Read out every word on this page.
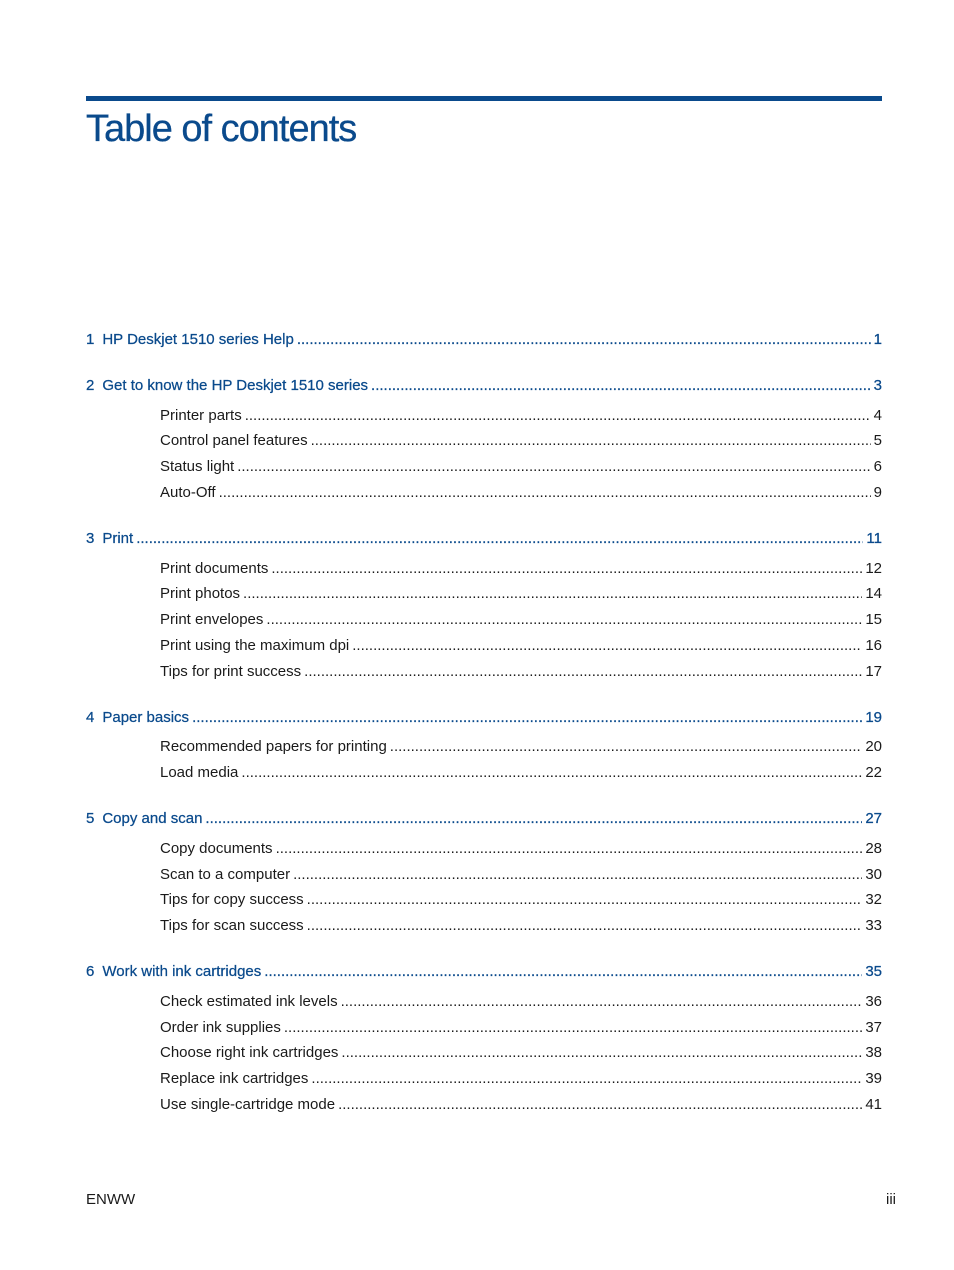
Table of contents
1 HP Deskjet 1510 series Help .....	1
2 Get to know the HP Deskjet 1510 series .....	3
Printer parts .....	4
Control panel features .....	5
Status light .....	6
Auto-Off .....	9
3 Print .....	11
Print documents .....	12
Print photos .....	14
Print envelopes .....	15
Print using the maximum dpi .....	16
Tips for print success .....	17
4 Paper basics .....	19
Recommended papers for printing .....	20
Load media .....	22
5 Copy and scan .....	27
Copy documents .....	28
Scan to a computer .....	30
Tips for copy success .....	32
Tips for scan success .....	33
6 Work with ink cartridges .....	35
Check estimated ink levels .....	36
Order ink supplies .....	37
Choose right ink cartridges .....	38
Replace ink cartridges .....	39
Use single-cartridge mode .....	41
ENWW	iii
